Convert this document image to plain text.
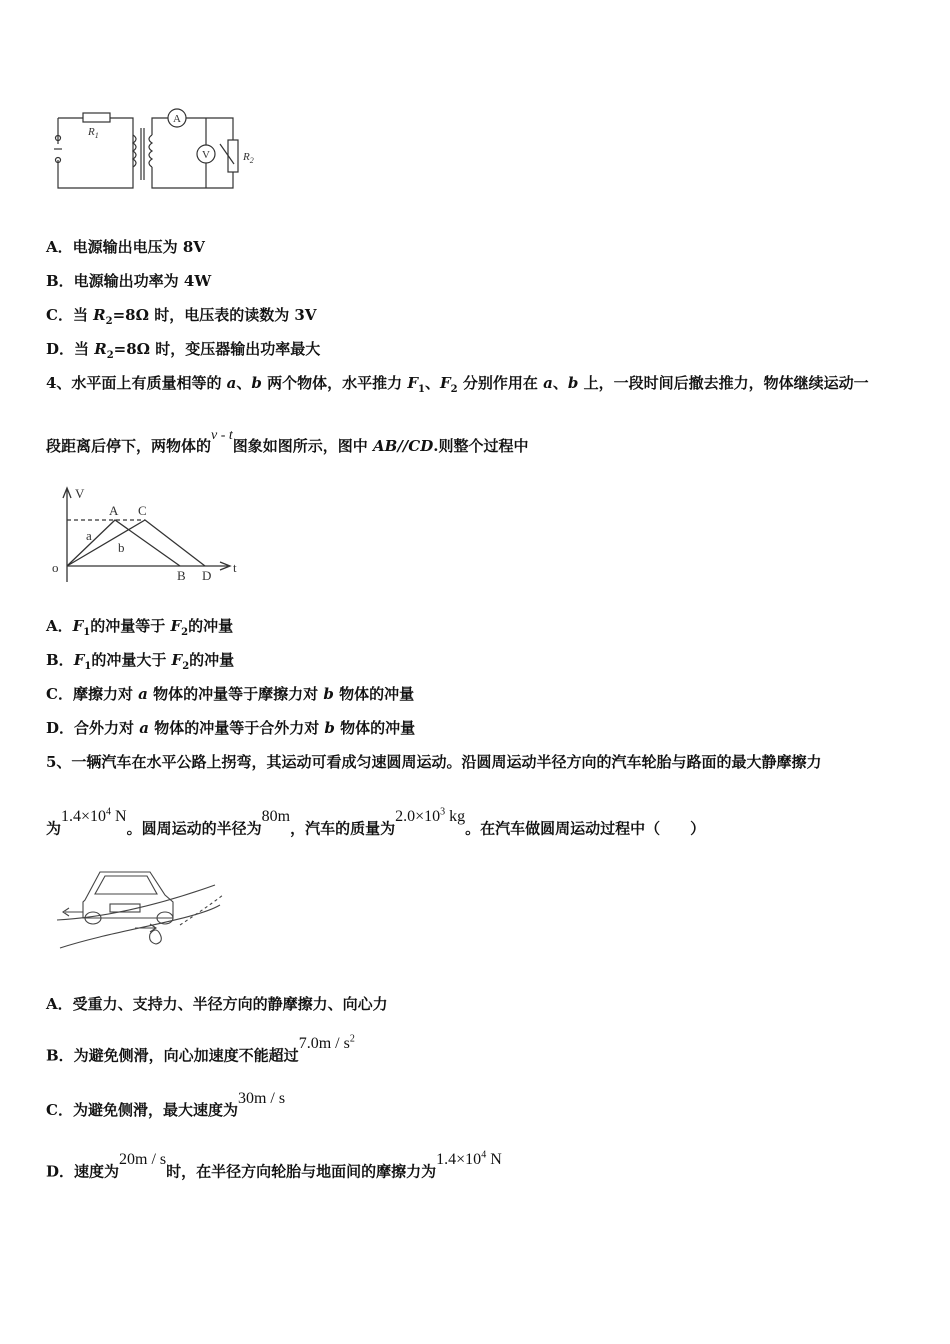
$R_1$
A
V	$R_2$
A．电源输出电压为 8V
B．电源输出功率为 4W
C．当 $R_2=8\Omega$ 时，电压表的读数为 3V
D．当 $R_2=8\Omega$ 时，变压器输出功率最大
4、水平面上有质量相等的 a、b 两个物体，水平推力 $F_1$、$F_2$ 分别作用在 a、b 上，一段时间后撤去推力，物体继续运动一
段距离后停下，两物体的v - t图象如图所示，图中 AB//CD.则整个过程中
V
t
o
A C
B D
a
b
A．$F_1$的冲量等于 $F_2$的冲量
B．$F_1$的冲量大于 $F_2$的冲量
C．摩擦力对 a 物体的冲量等于摩擦力对 b 物体的冲量
D．合外力对 a 物体的冲量等于合外力对 b 物体的冲量
5、一辆汽车在水平公路上拐弯，其运动可看成匀速圆周运动。沿圆周运动半径方向的汽车轮胎与路面的最大静摩擦力
为$1.4\times 10^4$ N。圆周运动的半径为80m，汽车的质量为$2.0\times 10^3$ kg。在汽车做圆周运动过程中（　　）
A．受重力、支持力、半径方向的静摩擦力、向心力
B．为避免侧滑，向心加速度不能超过$7.0m / s^2$
C．为避免侧滑，最大速度为30m / s
D．速度为20m / s时，在半径方向轮胎与地面间的摩擦力为$1.4\times 10^4$ N
